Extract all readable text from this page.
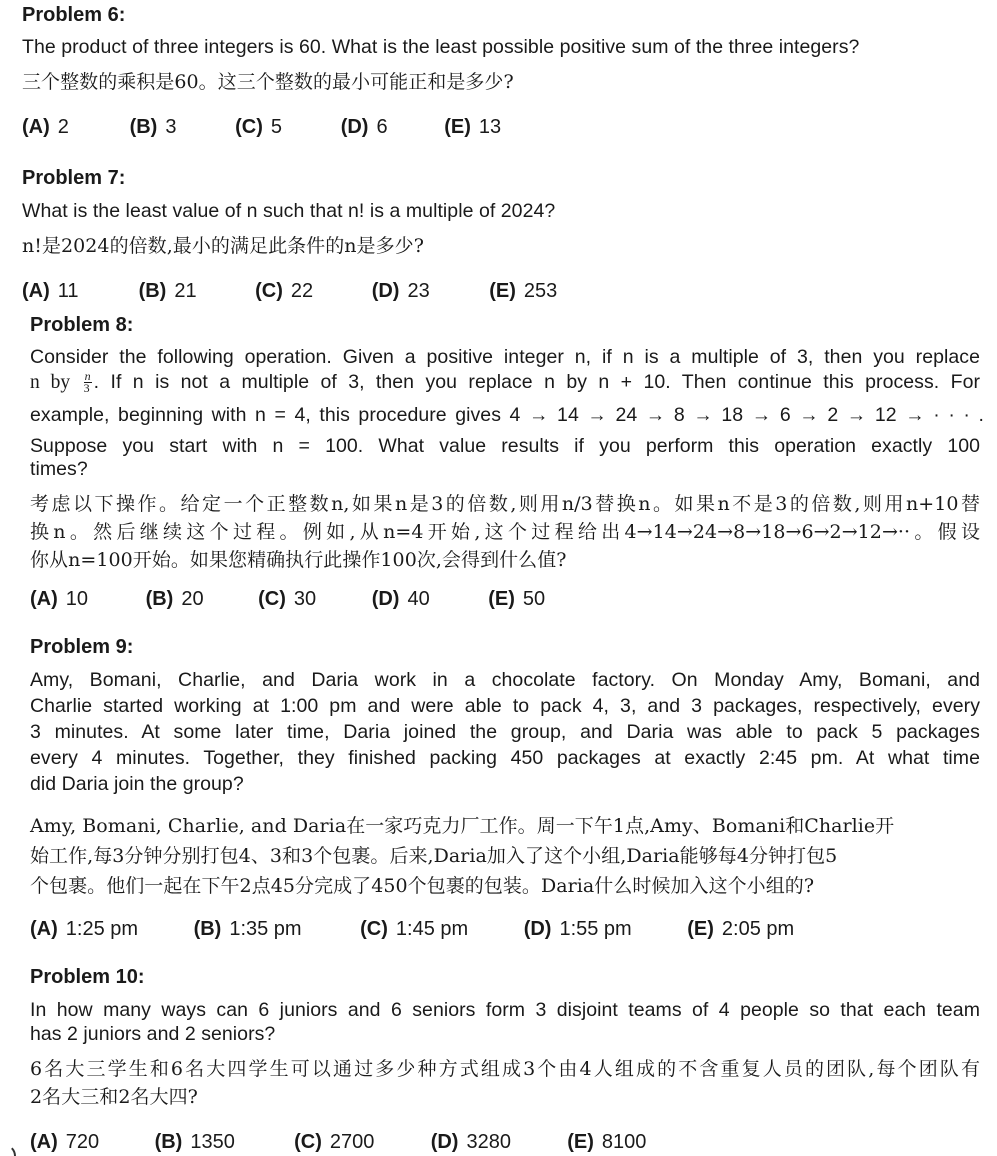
Problem 6:
The product of three integers is 60. What is the least possible positive sum of the three integers?
三个整数的乘积是60。这三个整数的最小可能正和是多少?
(A) 2	(B) 3	(C) 5	(D) 6	(E) 13
Problem 7:
What is the least value of n such that n! is a multiple of 2024?
n!是2024的倍数,最小的满足此条件的n是多少?
(A) 11	(B) 21	(C) 22	(D) 23	(E) 253
Problem 8:
Consider the following operation. Given a positive integer n, if n is a multiple of 3, then you replace
n by $\frac{n}{3}$ . If n is not a multiple of 3, then you replace n by n + 10. Then continue this process. For
example, beginning with n = 4, this procedure gives 4 → 14 → 24 → 8 → 18 → 6 → 2 → 12 → · · · .
Suppose you start with n = 100. What value results if you perform this operation exactly 100
times?
考虑以下操作。给定一个正整数n,如果n是3的倍数,则用n/3替换n。如果n不是3的倍数,则用n+10替
换n。然后继续这个过程。例如,从n=4开始,这个过程给出4→14→24→8→18→6→2→12→··。假设
你从n=100开始。如果您精确执行此操作100次,会得到什么值?
(A) 10	(B) 20	(C) 30	(D) 40	(E) 50
Problem 9:
Amy, Bomani, Charlie, and Daria work in a chocolate factory. On Monday Amy, Bomani, and
Charlie started working at 1:00 pm and were able to pack 4, 3, and 3 packages, respectively, every
3 minutes. At some later time, Daria joined the group, and Daria was able to pack 5 packages
every 4 minutes. Together, they finished packing 450 packages at exactly 2:45 pm. At what time
did Daria join the group?
Amy, Bomani, Charlie, and Daria在一家巧克力厂工作。周一下午1点,Amy、Bomani和Charlie开
始工作,每3分钟分别打包4、3和3个包裹。后来,Daria加入了这个小组,Daria能够每4分钟打包5
个包裹。他们一起在下午2点45分完成了450个包裹的包装。Daria什么时候加入这个小组的?
(A) 1:25 pm	(B) 1:35 pm	(C) 1:45 pm	(D) 1:55 pm	(E) 2:05 pm
Problem 10:
In how many ways can 6 juniors and 6 seniors form 3 disjoint teams of 4 people so that each team
has 2 juniors and 2 seniors?
6名大三学生和6名大四学生可以通过多少种方式组成3个由4人组成的不含重复人员的团队,每个团队有
2名大三和2名大四?
(A) 720	(B) 1350	(C) 2700	(D) 3280	(E) 8100
